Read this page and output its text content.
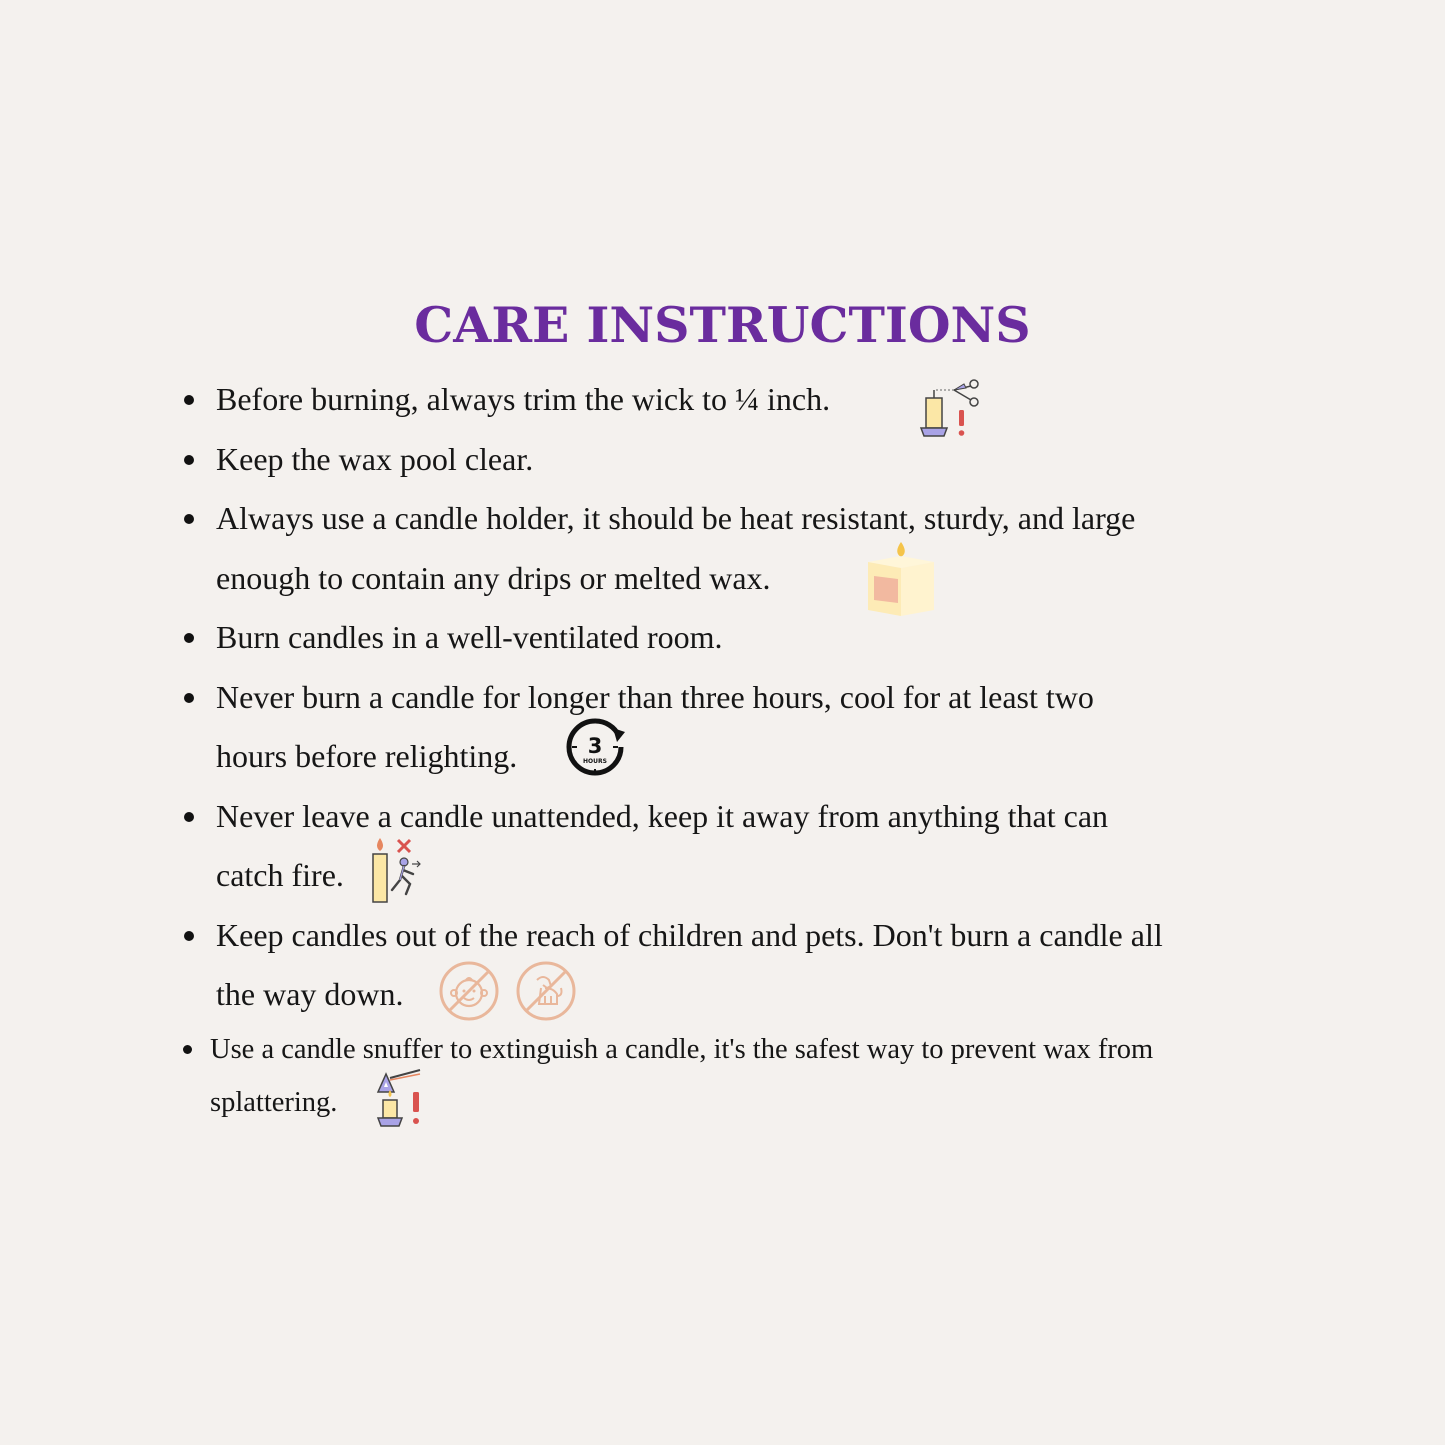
CARE INSTRUCTIONS
Before burning, always trim the wick to ¼ inch.
Keep the wax pool clear.
Always use a candle holder, it should be heat resistant, sturdy, and large
enough to contain any drips or melted wax.
Burn candles in a well-ventilated room.
Never burn a candle for longer than three hours, cool for at least two
hours before relighting.	3
HOURS
Never leave a candle unattended, keep it away from anything that can
catch fire.
Keep candles out of the reach of children and pets. Don't burn a candle all
the way down.
Use a candle snuffer to extinguish a candle, it's the safest way to prevent wax from
splattering.
